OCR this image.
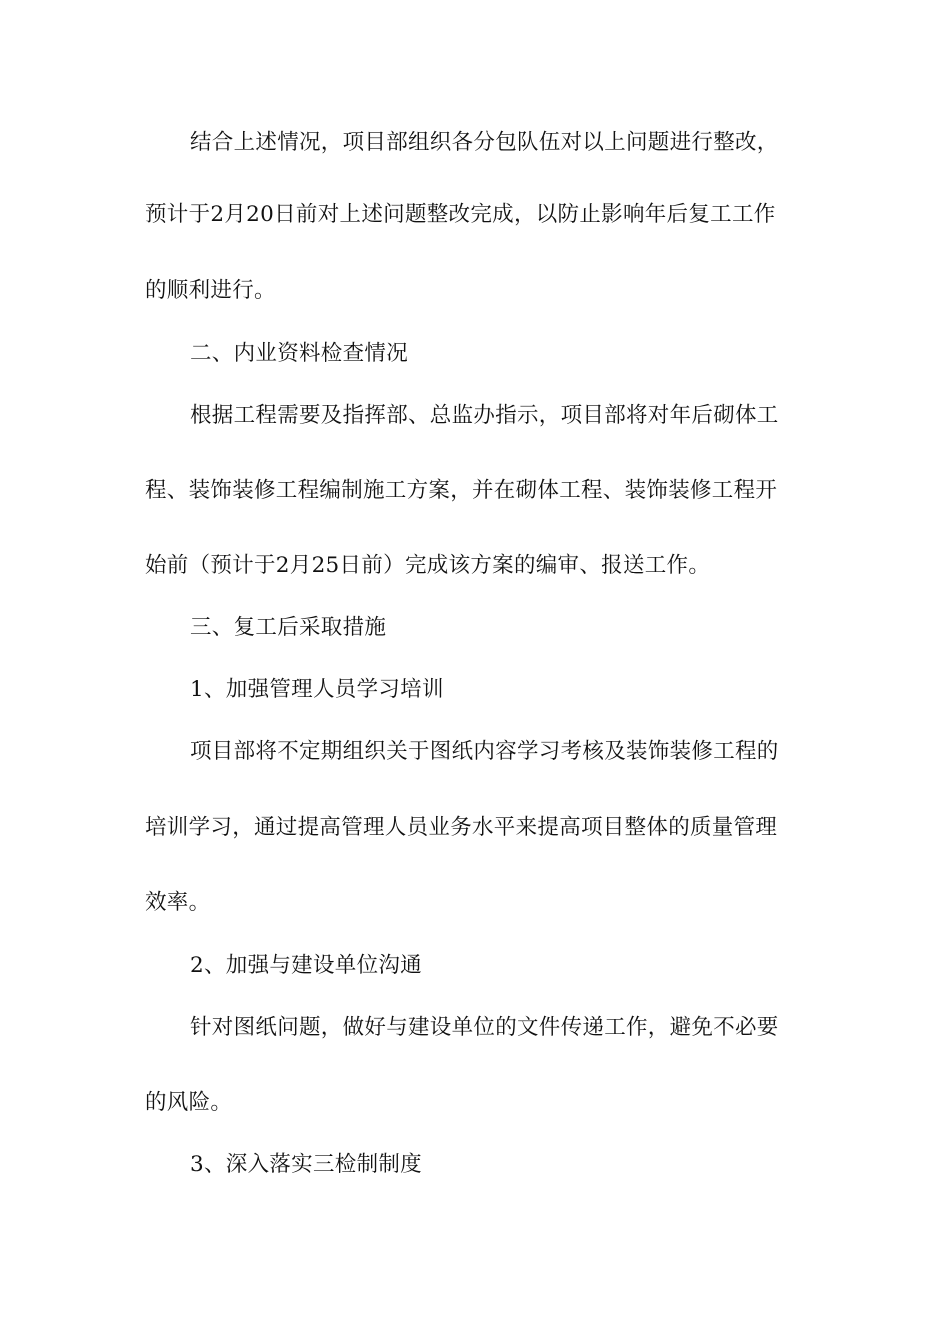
结合上述情况，项目部组织各分包队伍对以上问题进行整改，
预计于2月20日前对上述问题整改完成，以防止影响年后复工工作
的顺利进行。
二、内业资料检查情况
根据工程需要及指挥部、总监办指示，项目部将对年后砌体工
程、装饰装修工程编制施工方案，并在砌体工程、装饰装修工程开
始前（预计于2月25日前）完成该方案的编审、报送工作。
三、复工后采取措施
1、加强管理人员学习培训
项目部将不定期组织关于图纸内容学习考核及装饰装修工程的
培训学习，通过提高管理人员业务水平来提高项目整体的质量管理
效率。
2、加强与建设单位沟通
针对图纸问题，做好与建设单位的文件传递工作，避免不必要
的风险。
3、深入落实三检制制度
